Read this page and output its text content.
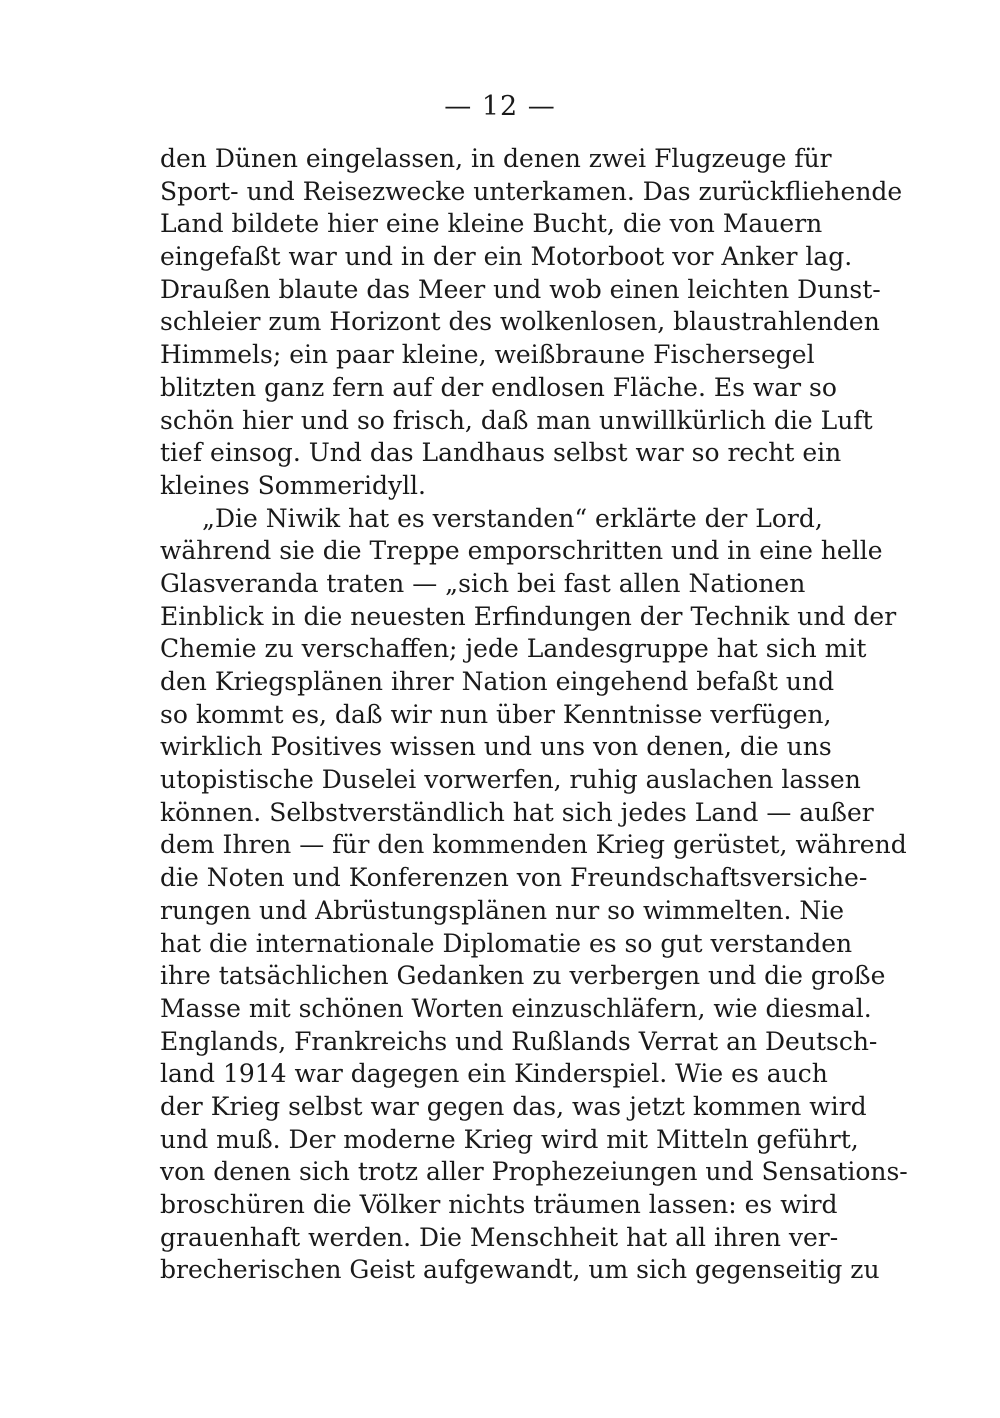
— 12 —
den Dünen eingelassen, in denen zwei Flugzeuge für
Sport- und Reisezwecke unterkamen. Das zurückfliehende
Land bildete hier eine kleine Bucht, die von Mauern
eingefaßt war und in der ein Motorboot vor Anker lag.
Draußen blaute das Meer und wob einen leichten Dunst-
schleier zum Horizont des wolkenlosen, blaustrahlenden
Himmels; ein paar kleine, weißbraune Fischersegel
blitzten ganz fern auf der endlosen Fläche. Es war so
schön hier und so frisch, daß man unwillkürlich die Luft
tief einsog. Und das Landhaus selbst war so recht ein
kleines Sommeridyll.
„Die Niwik hat es verstanden“ erklärte der Lord,
während sie die Treppe emporschritten und in eine helle
Glasveranda traten — „sich bei fast allen Nationen
Einblick in die neuesten Erfindungen der Technik und der
Chemie zu verschaffen; jede Landesgruppe hat sich mit
den Kriegsplänen ihrer Nation eingehend befaßt und
so kommt es, daß wir nun über Kenntnisse verfügen,
wirklich Positives wissen und uns von denen, die uns
utopistische Duselei vorwerfen, ruhig auslachen lassen
können. Selbstverständlich hat sich jedes Land — außer
dem Ihren — für den kommenden Krieg gerüstet, während
die Noten und Konferenzen von Freundschaftsversiche-
rungen und Abrüstungsplänen nur so wimmelten. Nie
hat die internationale Diplomatie es so gut verstanden
ihre tatsächlichen Gedanken zu verbergen und die große
Masse mit schönen Worten einzuschläfern, wie diesmal.
Englands, Frankreichs und Rußlands Verrat an Deutsch-
land 1914 war dagegen ein Kinderspiel. Wie es auch
der Krieg selbst war gegen das, was jetzt kommen wird
und muß. Der moderne Krieg wird mit Mitteln geführt,
von denen sich trotz aller Prophezeiungen und Sensations-
broschüren die Völker nichts träumen lassen: es wird
grauenhaft werden. Die Menschheit hat all ihren ver-
brecherischen Geist aufgewandt, um sich gegenseitig zu
